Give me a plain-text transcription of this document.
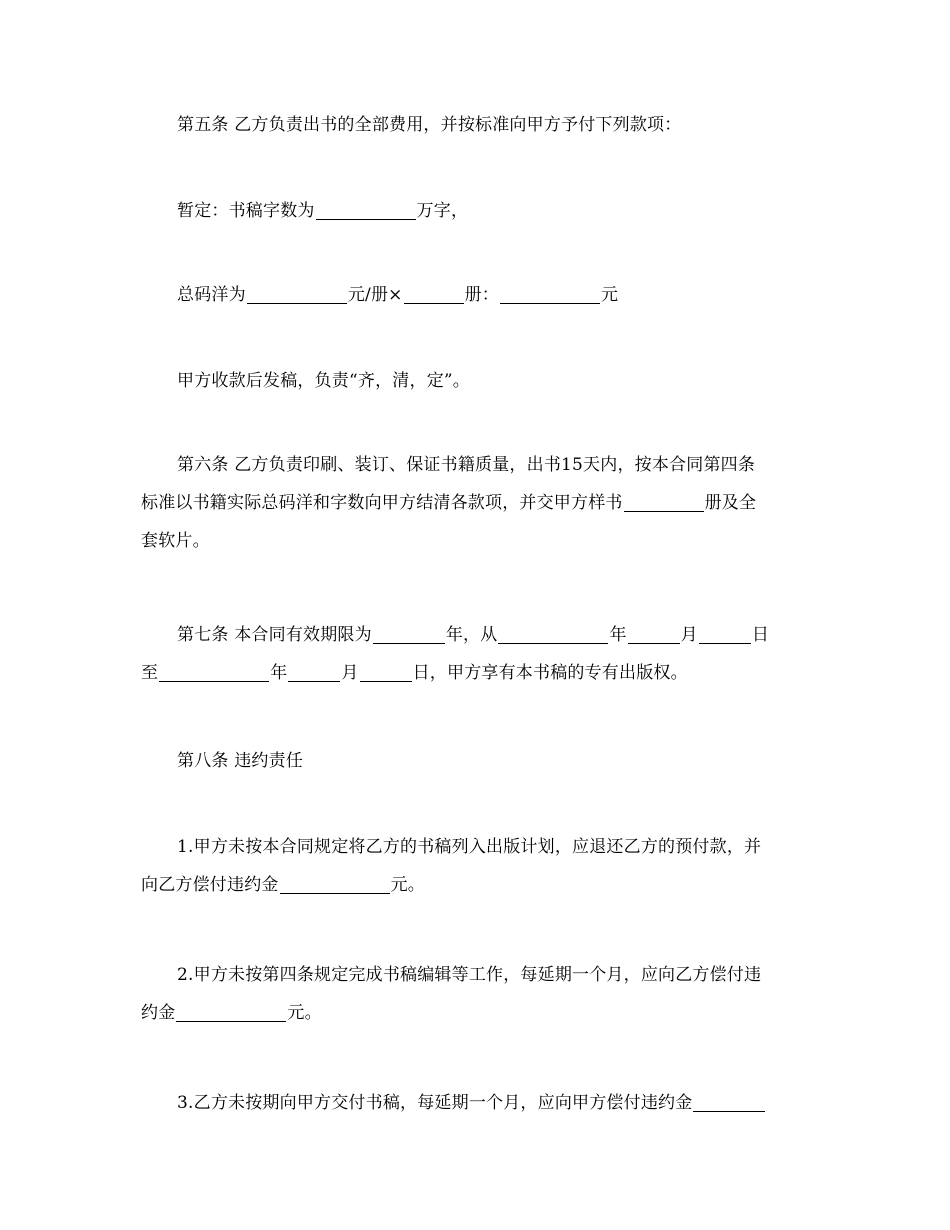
第五条 乙方负责出书的全部费用，并按标准向甲方予付下列款项：
暂定：书稿字数为	万字，
总码洋为	元/册×	册：	元
甲方收款后发稿，负责“齐，清，定”。
第六条 乙方负责印刷、装订、保证书籍质量，出书15天内，按本合同第四条
标准以书籍实际总码洋和字数向甲方结清各款项，并交甲方样书	册及全
套软片。
第七条 本合同有效期限为	年，从	年	月	日
至	年	月	日，甲方享有本书稿的专有出版权。
第八条 违约责任
1.甲方未按本合同规定将乙方的书稿列入出版计划，应退还乙方的预付款，并
向乙方偿付违约金	元。
2.甲方未按第四条规定完成书稿编辑等工作，每延期一个月，应向乙方偿付违
约金	元。
3.乙方未按期向甲方交付书稿，每延期一个月，应向甲方偿付违约金
